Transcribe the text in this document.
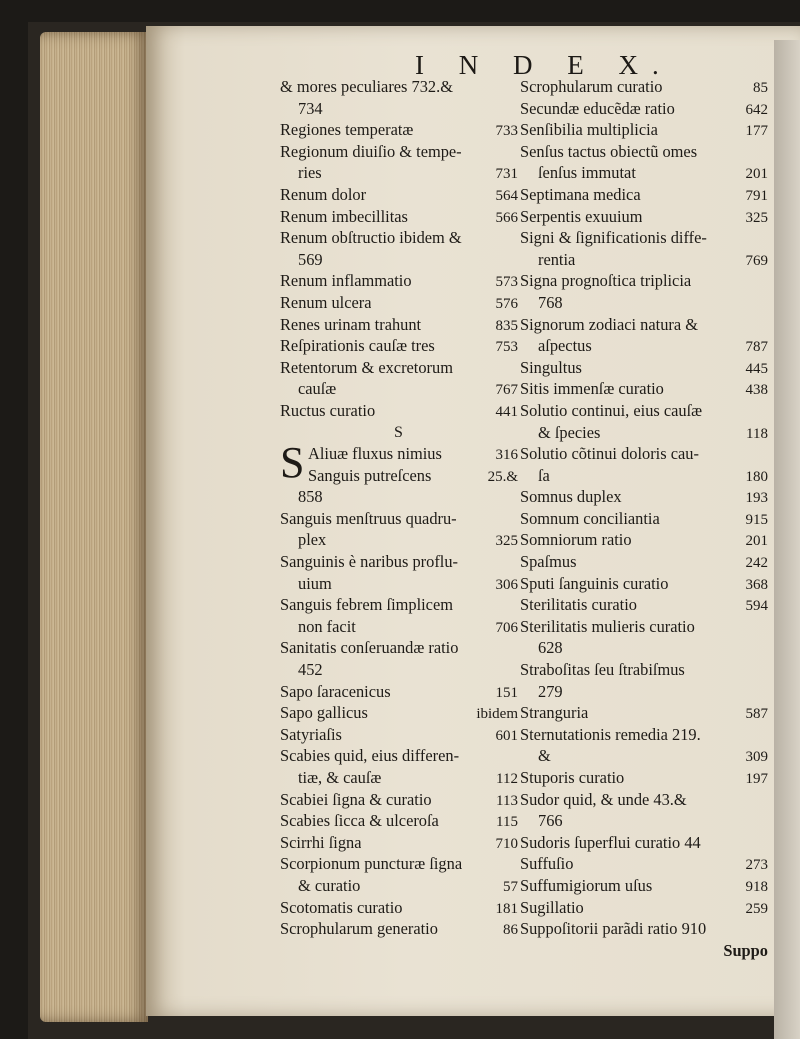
I N D E X.
& mores peculiares 732.&
734
Regiones temperatæ	733
Regionum diuiſio & tempe-
ries	731
Renum dolor	564
Renum imbecillitas	566
Renum obſtructio ibidem &
569
Renum inflammatio	573
Renum ulcera	576
Renes urinam trahunt	835
Reſpirationis cauſæ tres	753
Retentorum & excretorum
cauſæ	767
Ructus curatio	441
S
S Aliuæ fluxus nimius	316
Sanguis putreſcens	25.&
858
Sanguis menſtruus quadru-
plex	325
Sanguinis è naribus proflu-
uium	306
Sanguis febrem ſimplicem
non facit	706
Sanitatis conſeruandæ ratio
452
Sapo ſaracenicus	151
Sapo gallicus	ibidem
Satyriaſis	601
Scabies quid, eius differen-
tiæ, & cauſæ	112
Scabiei ſigna & curatio	113
Scabies ſicca & ulceroſa	115
Scirrhi ſigna	710
Scorpionum puncturæ ſigna
& curatio	57
Scotomatis curatio	181
Scrophularum generatio	86
Scrophularum curatio	85
Secundæ educẽdæ ratio	642
Senſibilia multiplicia	177
Senſus tactus obiectũ omes
ſenſus immutat	201
Septimana medica	791
Serpentis exuuium	325
Signi & ſignificationis diffe-
rentia	769
Signa prognoſtica triplicia
768
Signorum zodiaci natura &
aſpectus	787
Singultus	445
Sitis immenſæ curatio	438
Solutio continui, eius cauſæ
& ſpecies	118
Solutio cõtinui doloris cau-
ſa	180
Somnus duplex	193
Somnum conciliantia	915
Somniorum ratio	201
Spaſmus	242
Sputi ſanguinis curatio	368
Sterilitatis curatio	594
Sterilitatis mulieris curatio
628
Straboſitas ſeu ſtrabiſmus
279
Stranguria	587
Sternutationis remedia 219.
&	309
Stuporis curatio	197
Sudor quid, & unde 43.&
766
Sudoris ſuperflui curatio 44
Suffuſio	273
Suffumigiorum uſus	918
Sugillatio	259
Suppoſitorii parãdi ratio 910
Suppo
